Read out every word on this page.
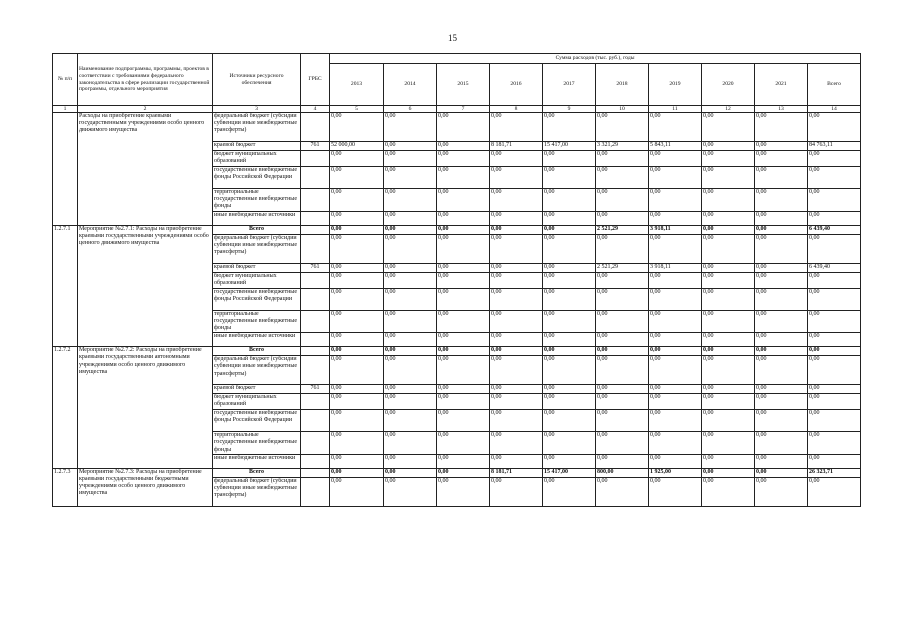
15
№ п/п	Наименование подпрограммы, программы, проектов в соответствии с требованиями федерального законодательства в сфере реализации государственной программы, отдельного мероприятия	Источники ресурсного обеспечения	ГРБС	Сумма расходов (тыс. руб.), годы									
				2013	2014	2015	2016	2017	2018	2019	2020	2021	Всего
1	2	3	4	5	6	7	8	9	10	11	12	13	14
	Расходы на приобретение краевыми государственными учреждениями особо ценного движимого имущества	федеральный бюджет (субсидии субвенции иные межбюджетные трансферты)		0,00	0,00	0,00	0,00	0,00	0,00	0,00	0,00	0,00	0,00
		краевой бюджет	761	52 000,00	0,00	0,00	8 181,71	15 417,00	3 321,29	5 843,11	0,00	0,00	84 763,11
		бюджет муниципальных образований		0,00	0,00	0,00	0,00	0,00	0,00	0,00	0,00	0,00	0,00
		государственные внебюджетные фонды Российской Федерации		0,00	0,00	0,00	0,00	0,00	0,00	0,00	0,00	0,00	0,00
		территориальные государственные внебюджетные фонды		0,00	0,00	0,00	0,00	0,00	0,00	0,00	0,00	0,00	0,00
		иные внебюджетные источники		0,00	0,00	0,00	0,00	0,00	0,00	0,00	0,00	0,00	0,00
1.2.7.1	Мероприятие №2.7.1: Расходы на приобретение краевыми государственными учреждениями особо ценного движимого имущества	Всего		0,00	0,00	0,00	0,00	0,00	2 521,29	3 918,11	0,00	0,00	6 439,40
		федеральный бюджет (субсидии субвенции иные межбюджетные трансферты)		0,00	0,00	0,00	0,00	0,00	0,00	0,00	0,00	0,00	0,00
		краевой бюджет	761	0,00	0,00	0,00	0,00	0,00	2 521,29	3 918,11	0,00	0,00	6 439,40
		бюджет муниципальных образований		0,00	0,00	0,00	0,00	0,00	0,00	0,00	0,00	0,00	0,00
		государственные внебюджетные фонды Российской Федерации		0,00	0,00	0,00	0,00	0,00	0,00	0,00	0,00	0,00	0,00
		территориальные государственные внебюджетные фонды		0,00	0,00	0,00	0,00	0,00	0,00	0,00	0,00	0,00	0,00
		иные внебюджетные источники		0,00	0,00	0,00	0,00	0,00	0,00	0,00	0,00	0,00	0,00
1.2.7.2	Мероприятие №2.7.2: Расходы на приобретение краевыми государственными автономными учреждениями особо ценного движимого имущества	Всего		0,00	0,00	0,00	0,00	0,00	0,00	0,00	0,00	0,00	0,00
		федеральный бюджет (субсидии субвенции иные межбюджетные трансферты)		0,00	0,00	0,00	0,00	0,00	0,00	0,00	0,00	0,00	0,00
		краевой бюджет	761	0,00	0,00	0,00	0,00	0,00	0,00	0,00	0,00	0,00	0,00
		бюджет муниципальных образований		0,00	0,00	0,00	0,00	0,00	0,00	0,00	0,00	0,00	0,00
		государственные внебюджетные фонды Российской Федерации		0,00	0,00	0,00	0,00	0,00	0,00	0,00	0,00	0,00	0,00
		территориальные государственные внебюджетные фонды		0,00	0,00	0,00	0,00	0,00	0,00	0,00	0,00	0,00	0,00
		иные внебюджетные источники		0,00	0,00	0,00	0,00	0,00	0,00	0,00	0,00	0,00	0,00
1.2.7.3	Мероприятие №2.7.3: Расходы на приобретение краевыми государственными бюджетными учреждениями особо ценного движимого имущества	Всего		0,00	0,00	0,00	8 181,71	15 417,00	800,00	1 925,00	0,00	0,00	26 323,71
		федеральный бюджет (субсидии субвенции иные межбюджетные трансферты)		0,00	0,00	0,00	0,00	0,00	0,00	0,00	0,00	0,00	0,00
